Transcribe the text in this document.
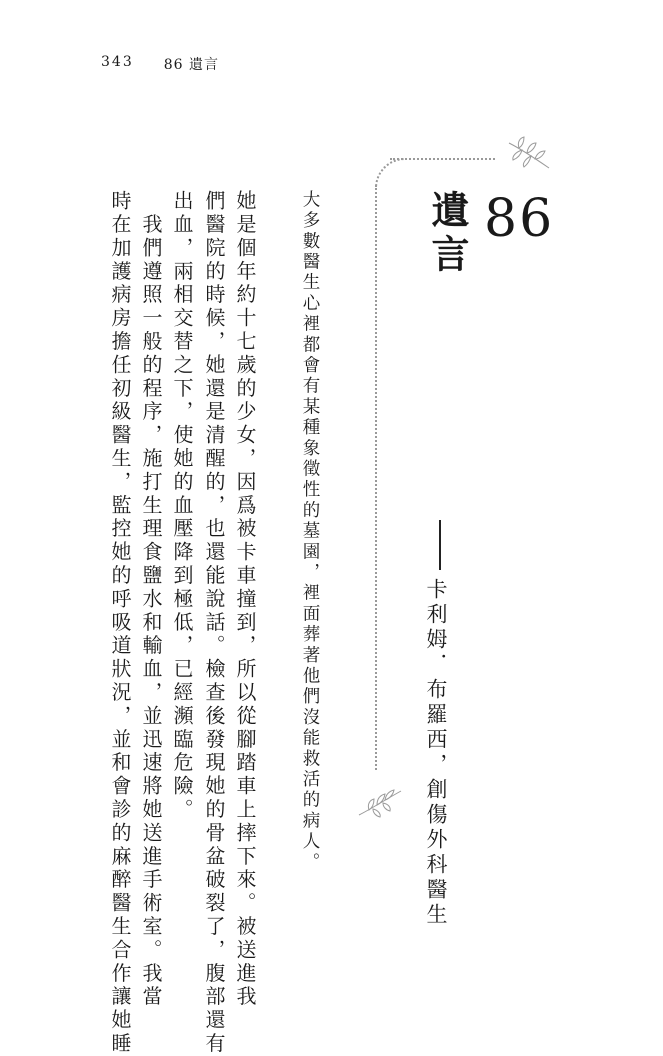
343 86 遺言
86
遺言
卡利姆．布羅西，創傷外科醫生
大多數醫生心裡都會有某種象徵性的墓園，裡面葬著他們沒能救活的病人。
她是個年約十七歲的少女，因爲被卡車撞到，所以從腳踏車上摔下來。被送進我
們醫院的時候，她還是清醒的，也還能說話。檢查後發現她的骨盆破裂了，腹部還有
出血，兩相交替之下，使她的血壓降到極低，已經瀕臨危險。
　我們遵照一般的程序，施打生理食鹽水和輸血，並迅速將她送進手術室。我當
時在加護病房擔任初級醫生，監控她的呼吸道狀況，並和會診的麻醉醫生合作讓她睡
